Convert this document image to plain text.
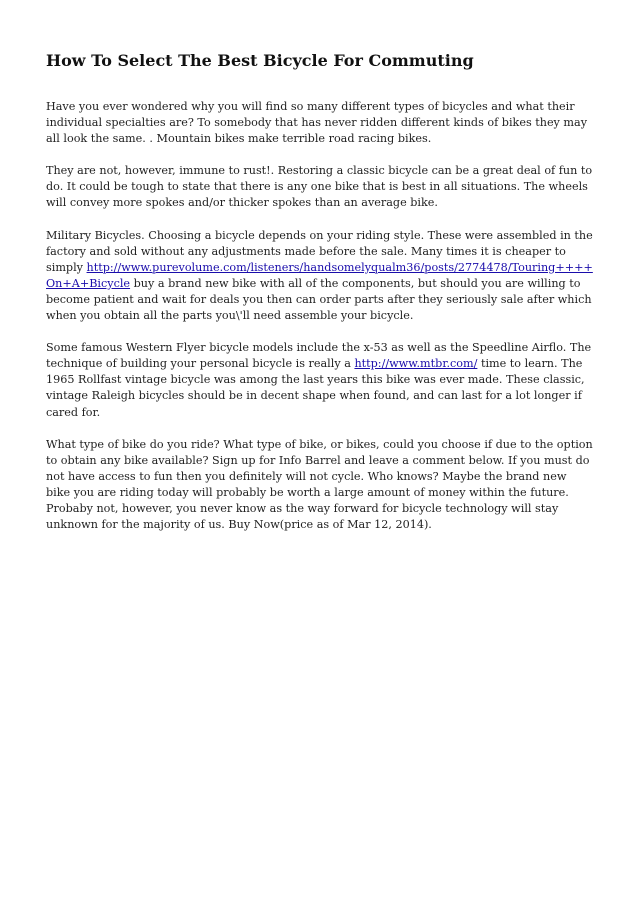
How To Select The Best Bicycle For Commuting

Have you ever wondered why you will find so many different types of bicycles and what their individual specialties are? To somebody that has never ridden different kinds of bikes they may all look the same. . Mountain bikes make terrible road racing bikes.

They are not, however, immune to rust!. Restoring a classic bicycle can be a great deal of fun to do. It could be tough to state that there is any one bike that is best in all situations. The wheels will convey more spokes and/or thicker spokes than an average bike.

Military Bicycles. Choosing a bicycle depends on your riding style. These were assembled in the factory and sold without any adjustments made before the sale. Many times it is cheaper to simply http://www.purevolume.com/listeners/handsomelyqualm36/posts/2774478/Touring++++On+A+Bicycle buy a brand new bike with all of the components, but should you are willing to become patient and wait for deals you then can order parts after they seriously sale after which when you obtain all the parts you\'ll need assemble your bicycle.

Some famous Western Flyer bicycle models include the x-53 as well as the Speedline Airflo. The technique of building your personal bicycle is really a http://www.mtbr.com/ time to learn. The 1965 Rollfast vintage bicycle was among the last years this bike was ever made. These classic, vintage Raleigh bicycles should be in decent shape when found, and can last for a lot longer if cared for.

What type of bike do you ride? What type of bike, or bikes, could you choose if due to the option to obtain any bike available? Sign up for Info Barrel and leave a comment below. If you must do not have access to fun then you definitely will not cycle. Who knows? Maybe the brand new bike you are riding today will probably be worth a large amount of money within the future. Probaby not, however, you never know as the way forward for bicycle technology will stay unknown for the majority of us. Buy Now(price as of Mar 12, 2014).
